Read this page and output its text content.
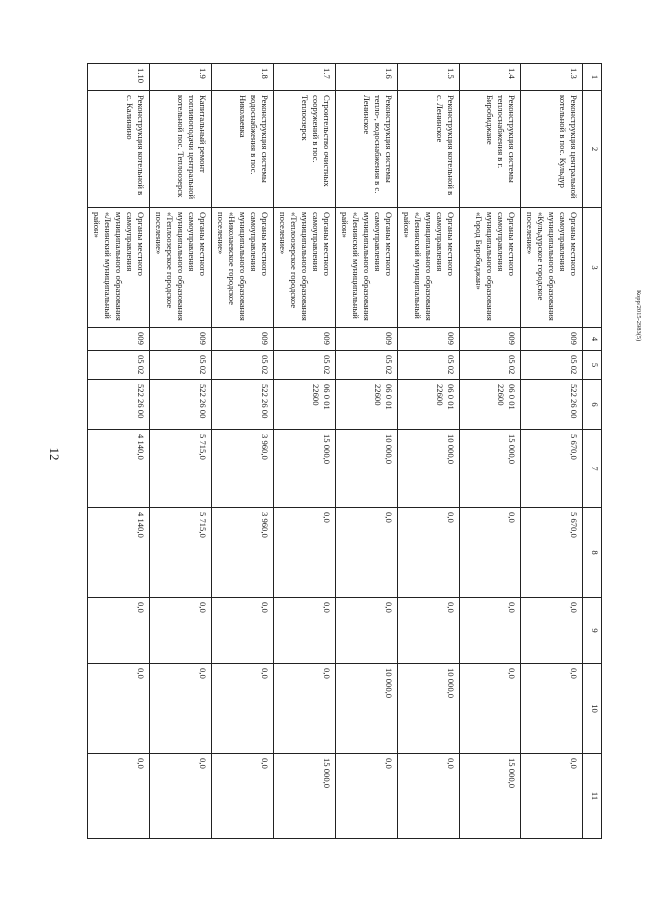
12
Корр/2015-2983(5)
1	2	3	4	5	6	7	8	9	10	11
1.3	Реконструкция центральной котельной в пос. Кульдур	Органы местного самоуправления муниципального образования «Кульдурское городское поселение»	009	05 02	522 26 00	5 670,0	5 670,0	0,0	0,0	0,0
1.4	Реконструкция системы теплоснабжения в г. Биробиджане	Органы местного самоуправления муниципального образования «Город Биробиджан»	009	05 02	06 0 01 22600	15 000,0	0,0	0,0	0,0	15 000,0
1.5	Реконструкция котельной в с. Ленинское	Органы местного самоуправления муниципального образования «Ленинский муниципальный район»	009	05 02	06 0 01 22600	10 000,0	0,0	0,0	10 000,0	0,0
1.6	Реконструкция системы тепло-, водоснабжения в с. Ленинское	Органы местного самоуправления муниципального образования «Ленинский муниципальный район»	009	05 02	06 0 01 22600	10 000,0	0,0	0,0	10 000,0	0,0
1.7	Строительство очистных сооружений в пос. Теплоозерск	Органы местного самоуправления муниципального образования «Теплоозерское городское поселение»	009	05 02	06 0 01 22600	15 000,0	0,0	0,0	0,0	15 000,0
1.8	Реконструкция системы водоснабжения в пос. Николаевка	Органы местного самоуправления муниципального образования «Николаевское городское поселение»	009	05 02	522 26 00	3 960,0	3 960,0	0,0	0,0	0,0
1.9	Капитальный ремонт топливоподачи центральной котельной пос. Теплоозерск	Органы местного самоуправления муниципального образования «Теплоозерское городское поселение»	009	05 02	522 26 00	5 715,0	5 715,0	0,0	0,0	0,0
1.10	Реконструкция котельной в с. Калинино	Органы местного самоуправления муниципального образования «Ленинский муниципальный район»	009	05 02	522 26 00	4 140,0	4 140,0	0,0	0,0	0,0
